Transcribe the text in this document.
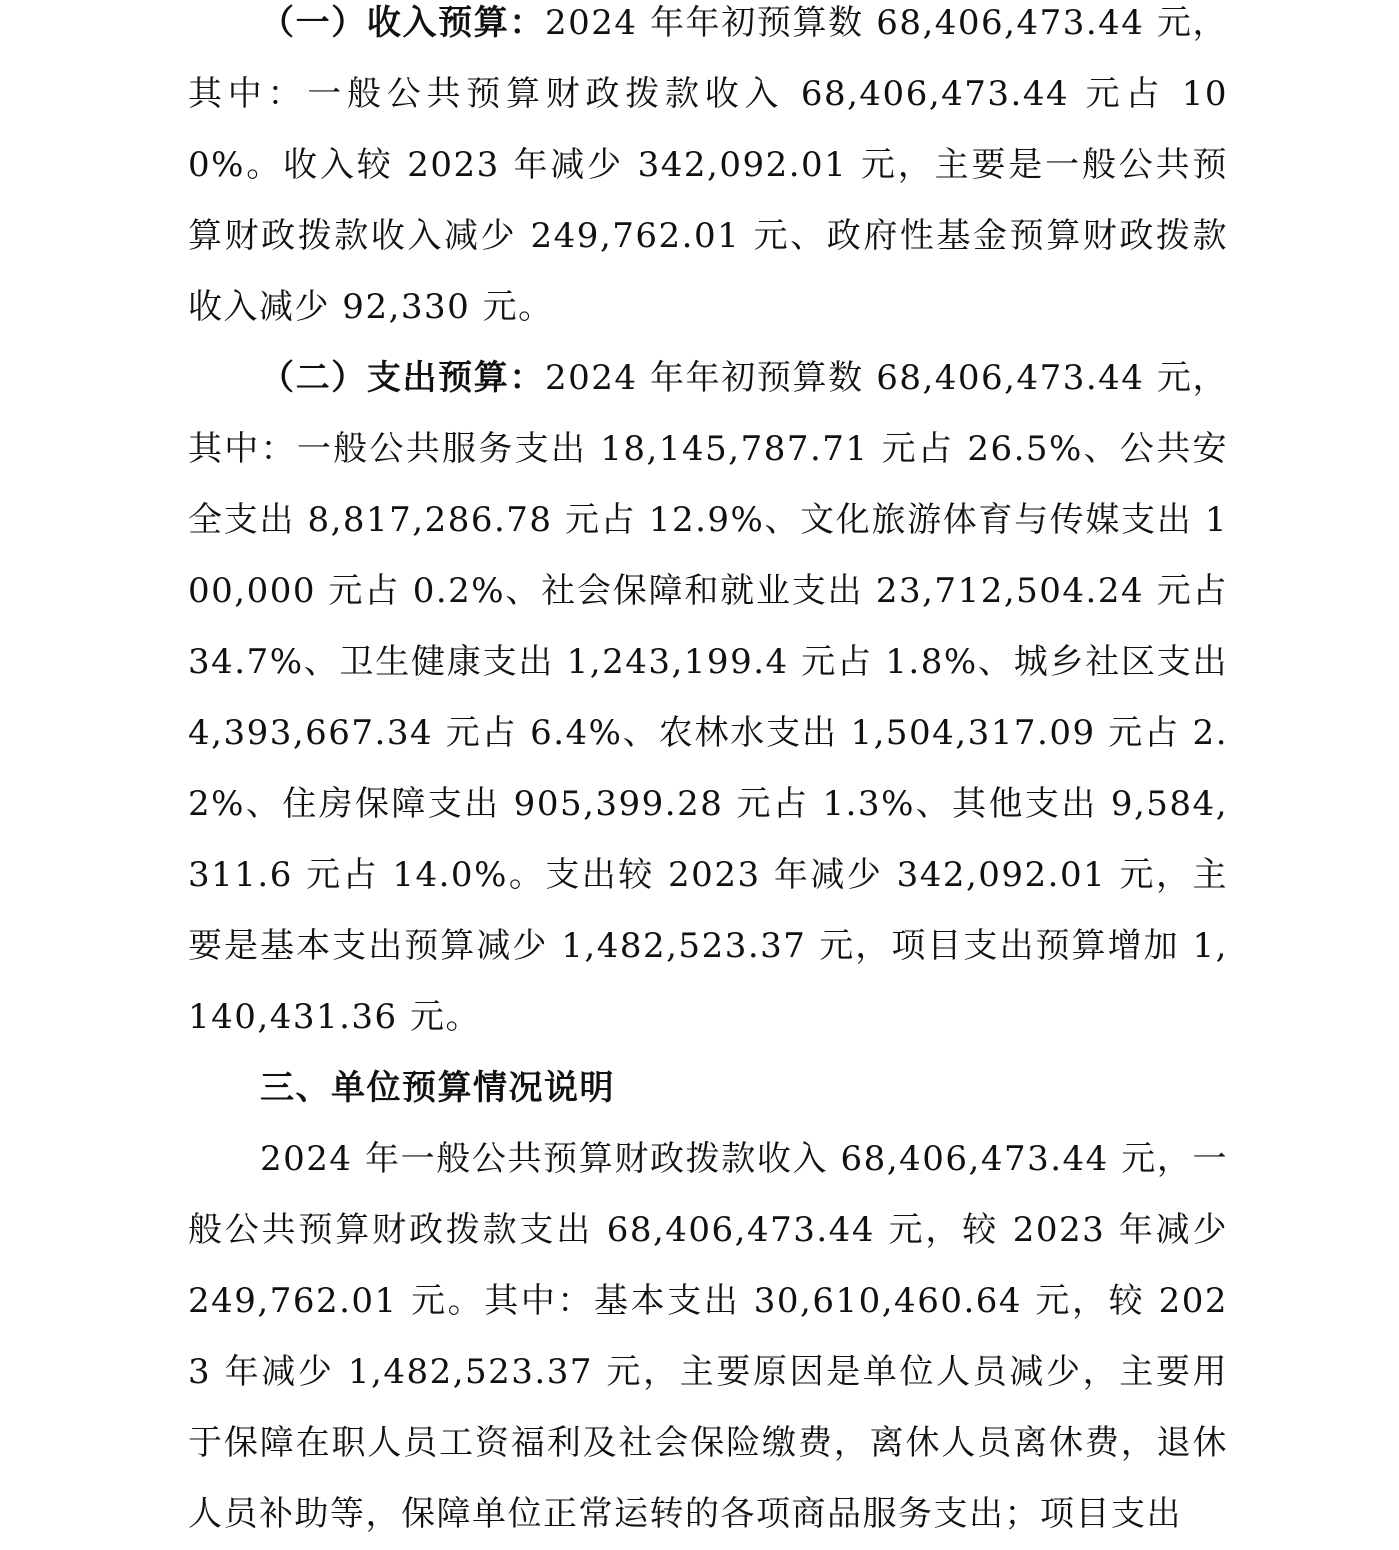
（一）收入预算：2024 年年初预算数 68,406,473.44 元，其中：一般公共预算财政拨款收入 68,406,473.44 元占 100%。收入较 2023 年减少 342,092.01 元，主要是一般公共预算财政拨款收入减少 249,762.01 元、政府性基金预算财政拨款收入减少 92,330 元。

（二）支出预算：2024 年年初预算数 68,406,473.44 元，其中：一般公共服务支出 18,145,787.71 元占 26.5%、公共安全支出 8,817,286.78 元占 12.9%、文化旅游体育与传媒支出 100,000 元占 0.2%、社会保障和就业支出 23,712,504.24 元占 34.7%、卫生健康支出 1,243,199.4 元占 1.8%、城乡社区支出 4,393,667.34 元占 6.4%、农林水支出 1,504,317.09 元占 2.2%、住房保障支出 905,399.28 元占 1.3%、其他支出 9,584,311.6 元占 14.0%。支出较 2023 年减少 342,092.01 元，主要是基本支出预算减少 1,482,523.37 元，项目支出预算增加 1,140,431.36 元。

三、单位预算情况说明

2024 年一般公共预算财政拨款收入 68,406,473.44 元，一般公共预算财政拨款支出 68,406,473.44 元，较 2023 年减少 249,762.01 元。其中：基本支出 30,610,460.64 元，较 2023 年减少 1,482,523.37 元，主要原因是单位人员减少，主要用于保障在职人员工资福利及社会保险缴费，离休人员离休费，退休人员补助等，保障单位正常运转的各项商品服务支出；项目支出
